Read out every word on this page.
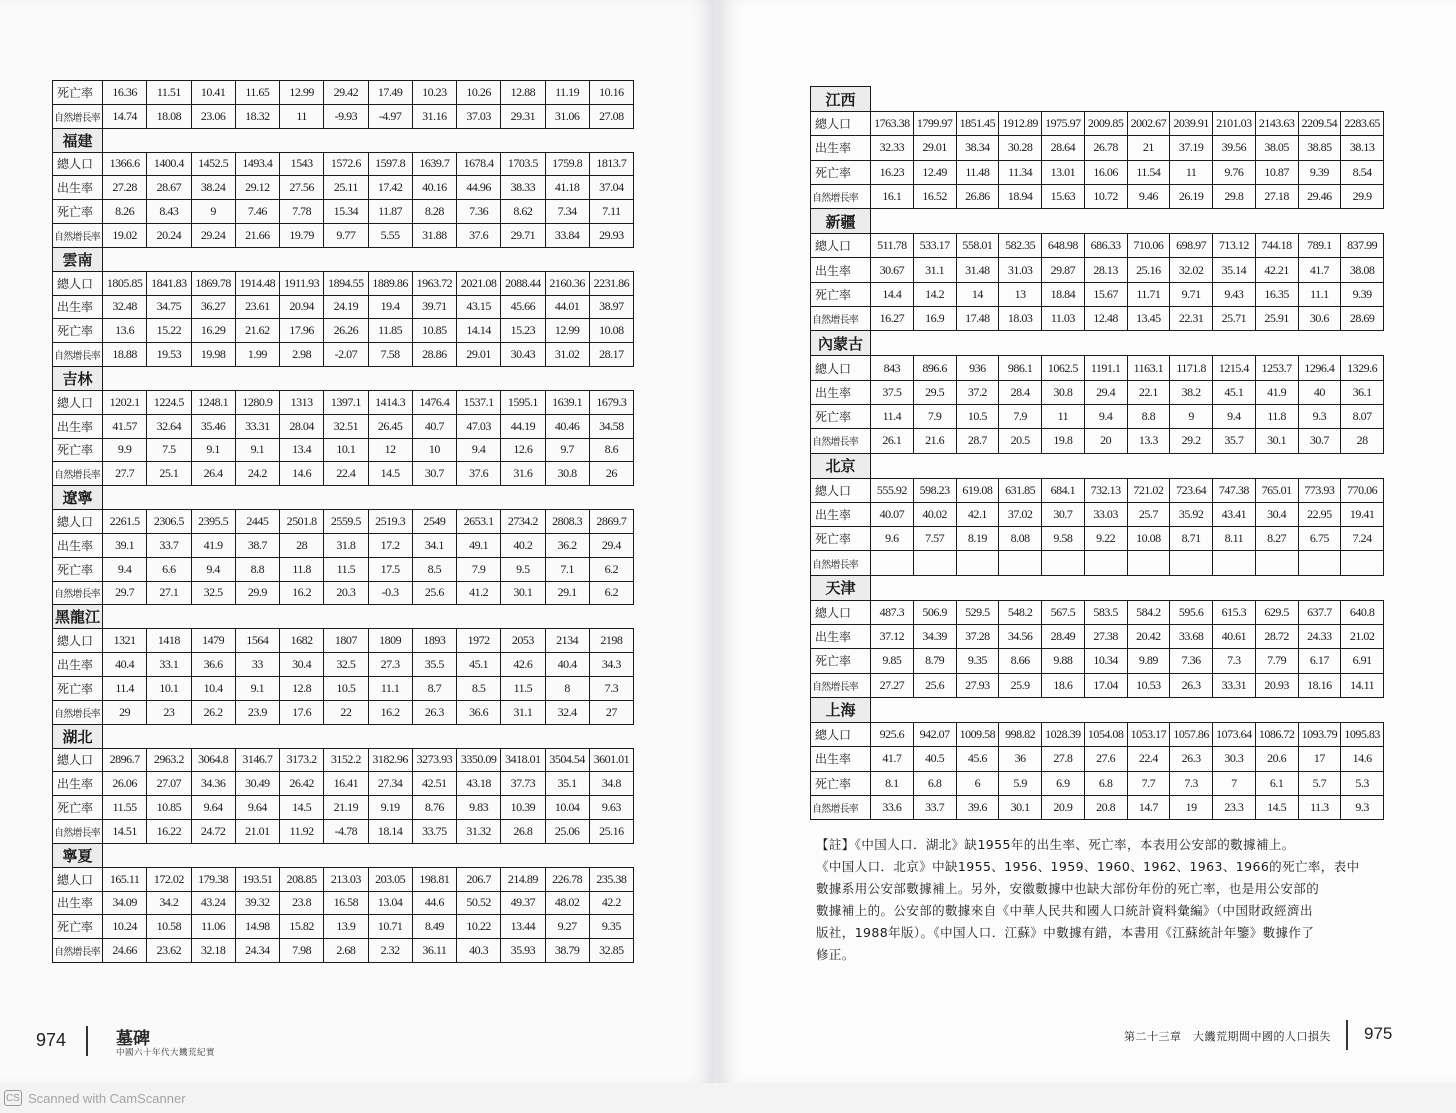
死亡率	16.36	11.51	10.41	11.65	12.99	29.42	17.49	10.23	10.26	12.88	11.19	10.16
自然增長率	14.74	18.08	23.06	18.32	11	-9.93	-4.97	31.16	37.03	29.31	31.06	27.08
福建												
總人口	1366.6	1400.4	1452.5	1493.4	1543	1572.6	1597.8	1639.7	1678.4	1703.5	1759.8	1813.7
出生率	27.28	28.67	38.24	29.12	27.56	25.11	17.42	40.16	44.96	38.33	41.18	37.04
死亡率	8.26	8.43	9	7.46	7.78	15.34	11.87	8.28	7.36	8.62	7.34	7.11
自然增長率	19.02	20.24	29.24	21.66	19.79	9.77	5.55	31.88	37.6	29.71	33.84	29.93
雲南												
總人口	1805.85	1841.83	1869.78	1914.48	1911.93	1894.55	1889.86	1963.72	2021.08	2088.44	2160.36	2231.86
出生率	32.48	34.75	36.27	23.61	20.94	24.19	19.4	39.71	43.15	45.66	44.01	38.97
死亡率	13.6	15.22	16.29	21.62	17.96	26.26	11.85	10.85	14.14	15.23	12.99	10.08
自然增長率	18.88	19.53	19.98	1.99	2.98	-2.07	7.58	28.86	29.01	30.43	31.02	28.17
吉林												
總人口	1202.1	1224.5	1248.1	1280.9	1313	1397.1	1414.3	1476.4	1537.1	1595.1	1639.1	1679.3
出生率	41.57	32.64	35.46	33.31	28.04	32.51	26.45	40.7	47.03	44.19	40.46	34.58
死亡率	9.9	7.5	9.1	9.1	13.4	10.1	12	10	9.4	12.6	9.7	8.6
自然增長率	27.7	25.1	26.4	24.2	14.6	22.4	14.5	30.7	37.6	31.6	30.8	26
遼寧												
總人口	2261.5	2306.5	2395.5	2445	2501.8	2559.5	2519.3	2549	2653.1	2734.2	2808.3	2869.7
出生率	39.1	33.7	41.9	38.7	28	31.8	17.2	34.1	49.1	40.2	36.2	29.4
死亡率	9.4	6.6	9.4	8.8	11.8	11.5	17.5	8.5	7.9	9.5	7.1	6.2
自然增長率	29.7	27.1	32.5	29.9	16.2	20.3	-0.3	25.6	41.2	30.1	29.1	6.2
黑龍江												
總人口	1321	1418	1479	1564	1682	1807	1809	1893	1972	2053	2134	2198
出生率	40.4	33.1	36.6	33	30.4	32.5	27.3	35.5	45.1	42.6	40.4	34.3
死亡率	11.4	10.1	10.4	9.1	12.8	10.5	11.1	8.7	8.5	11.5	8	7.3
自然增長率	29	23	26.2	23.9	17.6	22	16.2	26.3	36.6	31.1	32.4	27
湖北												
總人口	2896.7	2963.2	3064.8	3146.7	3173.2	3152.2	3182.96	3273.93	3350.09	3418.01	3504.54	3601.01
出生率	26.06	27.07	34.36	30.49	26.42	16.41	27.34	42.51	43.18	37.73	35.1	34.8
死亡率	11.55	10.85	9.64	9.64	14.5	21.19	9.19	8.76	9.83	10.39	10.04	9.63
自然增長率	14.51	16.22	24.72	21.01	11.92	-4.78	18.14	33.75	31.32	26.8	25.06	25.16
寧夏												
總人口	165.11	172.02	179.38	193.51	208.85	213.03	203.05	198.81	206.7	214.89	226.78	235.38
出生率	34.09	34.2	43.24	39.32	23.8	16.58	13.04	44.6	50.52	49.37	48.02	42.2
死亡率	10.24	10.58	11.06	14.98	15.82	13.9	10.71	8.49	10.22	13.44	9.27	9.35
自然增長率	24.66	23.62	32.18	24.34	7.98	2.68	2.32	36.11	40.3	35.93	38.79	32.85
974	墓碑
中國六十年代大饑荒紀實
江西												
總人口	1763.38	1799.97	1851.45	1912.89	1975.97	2009.85	2002.67	2039.91	2101.03	2143.63	2209.54	2283.65
出生率	32.33	29.01	38.34	30.28	28.64	26.78	21	37.19	39.56	38.05	38.85	38.13
死亡率	16.23	12.49	11.48	11.34	13.01	16.06	11.54	11	9.76	10.87	9.39	8.54
自然增長率	16.1	16.52	26.86	18.94	15.63	10.72	9.46	26.19	29.8	27.18	29.46	29.9
新疆												
總人口	511.78	533.17	558.01	582.35	648.98	686.33	710.06	698.97	713.12	744.18	789.1	837.99
出生率	30.67	31.1	31.48	31.03	29.87	28.13	25.16	32.02	35.14	42.21	41.7	38.08
死亡率	14.4	14.2	14	13	18.84	15.67	11.71	9.71	9.43	16.35	11.1	9.39
自然增長率	16.27	16.9	17.48	18.03	11.03	12.48	13.45	22.31	25.71	25.91	30.6	28.69
內蒙古												
總人口	843	896.6	936	986.1	1062.5	1191.1	1163.1	1171.8	1215.4	1253.7	1296.4	1329.6
出生率	37.5	29.5	37.2	28.4	30.8	29.4	22.1	38.2	45.1	41.9	40	36.1
死亡率	11.4	7.9	10.5	7.9	11	9.4	8.8	9	9.4	11.8	9.3	8.07
自然增長率	26.1	21.6	28.7	20.5	19.8	20	13.3	29.2	35.7	30.1	30.7	28
北京												
總人口	555.92	598.23	619.08	631.85	684.1	732.13	721.02	723.64	747.38	765.01	773.93	770.06
出生率	40.07	40.02	42.1	37.02	30.7	33.03	25.7	35.92	43.41	30.4	22.95	19.41
死亡率	9.6	7.57	8.19	8.08	9.58	9.22	10.08	8.71	8.11	8.27	6.75	7.24
自然增長率												
天津												
總人口	487.3	506.9	529.5	548.2	567.5	583.5	584.2	595.6	615.3	629.5	637.7	640.8
出生率	37.12	34.39	37.28	34.56	28.49	27.38	20.42	33.68	40.61	28.72	24.33	21.02
死亡率	9.85	8.79	9.35	8.66	9.88	10.34	9.89	7.36	7.3	7.79	6.17	6.91
自然增長率	27.27	25.6	27.93	25.9	18.6	17.04	10.53	26.3	33.31	20.93	18.16	14.11
上海												
總人口	925.6	942.07	1009.58	998.82	1028.39	1054.08	1053.17	1057.86	1073.64	1086.72	1093.79	1095.83
出生率	41.7	40.5	45.6	36	27.8	27.6	22.4	26.3	30.3	20.6	17	14.6
死亡率	8.1	6.8	6	5.9	6.9	6.8	7.7	7.3	7	6.1	5.7	5.3
自然增長率	33.6	33.7	39.6	30.1	20.9	20.8	14.7	19	23.3	14.5	11.3	9.3

【註】《中国人口．湖北》缺1955年的出生率、死亡率，本表用公安部的數據補上。

《中国人口．北京》中缺1955、1956、1959、1960、1962、1963、1966的死亡率，表中

數據系用公安部數據補上。另外，安徽數據中也缺大部份年份的死亡率，也是用公安部的

數據補上的。公安部的數據來自《中華人民共和國人口統計資料彙編》（中国財政經濟出

版社，1988年版）。《中国人口．江蘇》中數據有錯，本書用《江蘇統計年鑒》數據作了

修正。

第二十三章　大饑荒期間中國的人口損失 975
CS Scanned with CamScanner
